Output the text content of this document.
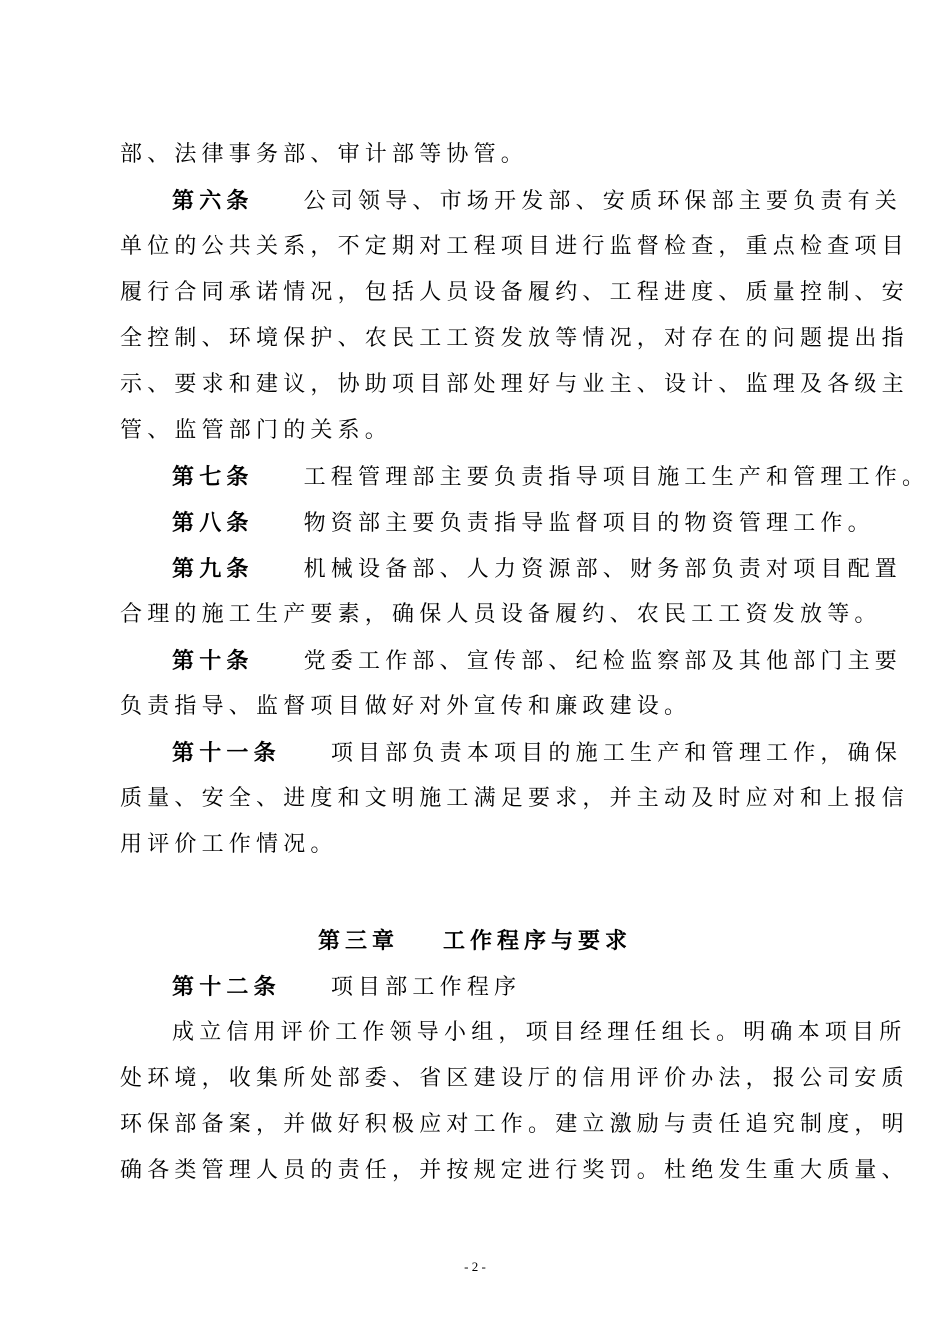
部、法律事务部、审计部等协管。
第六条 公司领导、市场开发部、安质环保部主要负责有关
单位的公共关系，不定期对工程项目进行监督检查，重点检查项目
履行合同承诺情况，包括人员设备履约、工程进度、质量控制、安
全控制、环境保护、农民工工资发放等情况，对存在的问题提出指
示、要求和建议，协助项目部处理好与业主、设计、监理及各级主
管、监管部门的关系。
第七条 工程管理部主要负责指导项目施工生产和管理工作。
第八条 物资部主要负责指导监督项目的物资管理工作。
第九条 机械设备部、人力资源部、财务部负责对项目配置
合理的施工生产要素，确保人员设备履约、农民工工资发放等。
第十条 党委工作部、宣传部、纪检监察部及其他部门主要
负责指导、监督项目做好对外宣传和廉政建设。
第十一条 项目部负责本项目的施工生产和管理工作，确保
质量、安全、进度和文明施工满足要求，并主动及时应对和上报信
用评价工作情况。
第三章 工作程序与要求
第十二条 项目部工作程序
成立信用评价工作领导小组，项目经理任组长。明确本项目所
处环境，收集所处部委、省区建设厅的信用评价办法，报公司安质
环保部备案，并做好积极应对工作。建立激励与责任追究制度，明
确各类管理人员的责任，并按规定进行奖罚。杜绝发生重大质量、
- 2 -
